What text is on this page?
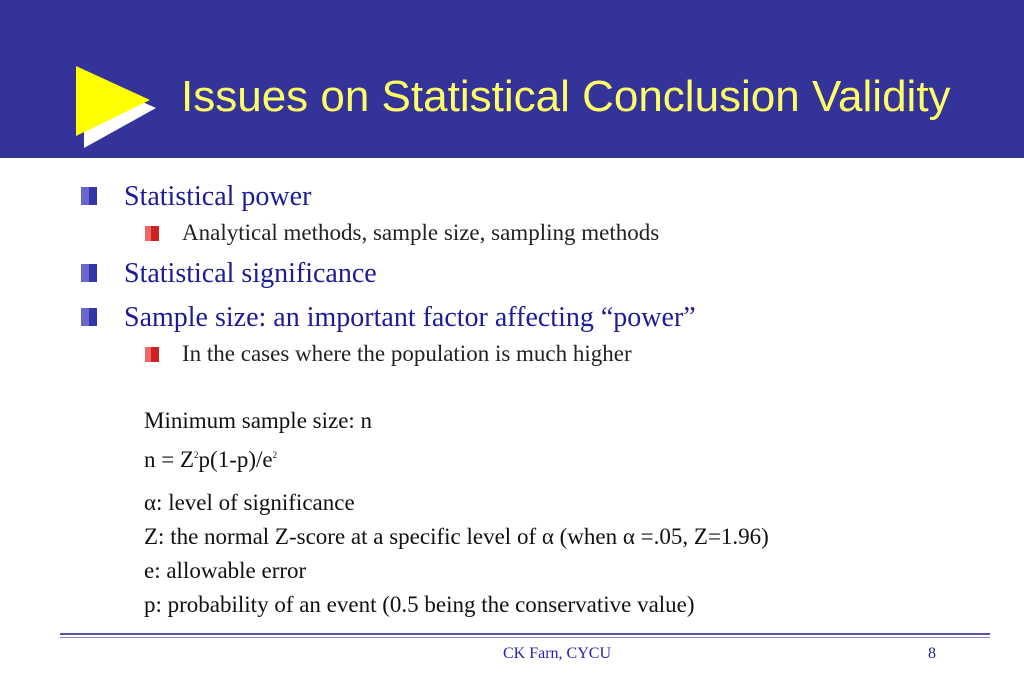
Issues on Statistical Conclusion Validity
Statistical power
Analytical methods, sample size, sampling methods
Statistical significance
Sample size: an important factor affecting “power”
In the cases where the population is much higher
Minimum sample size: n
$n = Z^2p(1-p)/e^2$
α: level of significance
Z: the normal Z-score at a specific level of α (when α =.05, Z=1.96)
e: allowable error
p: probability of an event (0.5 being the conservative value)
CK Farn, CYCU	8
